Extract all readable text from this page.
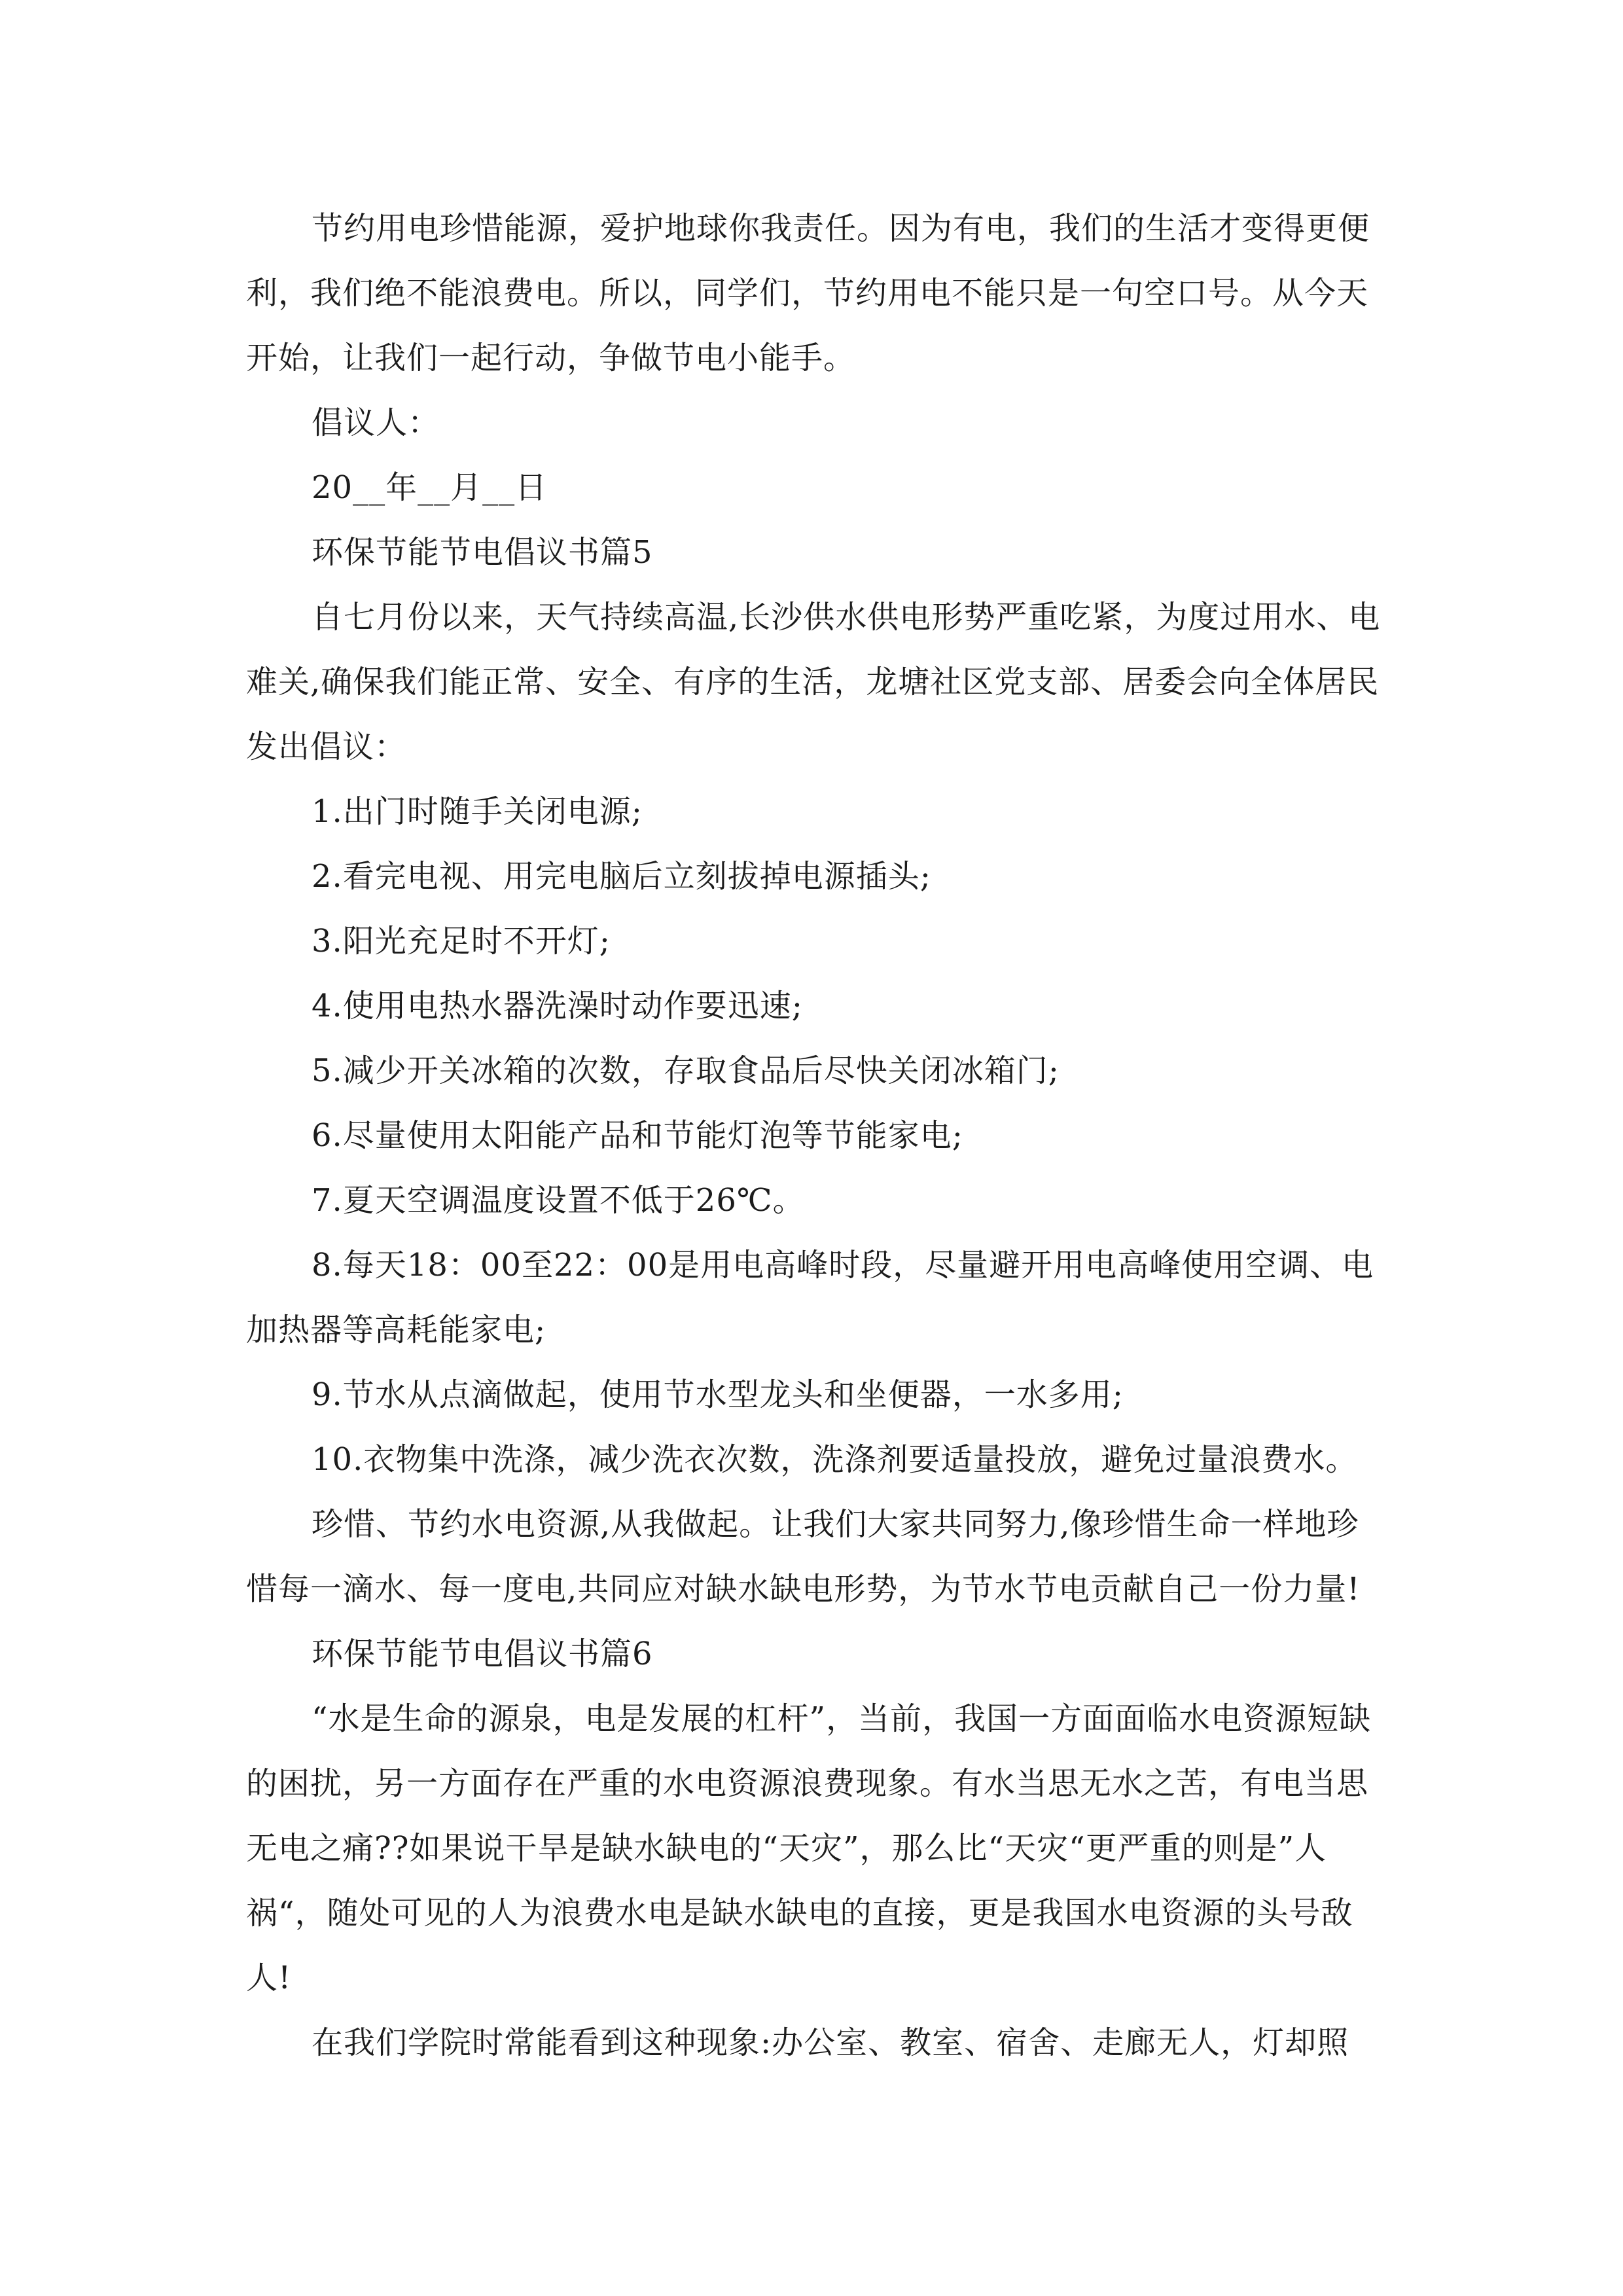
节约用电珍惜能源，爱护地球你我责任。因为有电，我们的生活才变得更便利，我们绝不能浪费电。所以，同学们，节约用电不能只是一句空口号。从今天开始，让我们一起行动，争做节电小能手。

倡议人：

20__年__月__日

环保节能节电倡议书篇5

自七月份以来，天气持续高温,长沙供水供电形势严重吃紧，为度过用水、电难关,确保我们能正常、安全、有序的生活，龙塘社区党支部、居委会向全体居民发出倡议：

1.出门时随手关闭电源;

2.看完电视、用完电脑后立刻拔掉电源插头;

3.阳光充足时不开灯;

4.使用电热水器洗澡时动作要迅速;

5.减少开关冰箱的次数，存取食品后尽快关闭冰箱门;

6.尽量使用太阳能产品和节能灯泡等节能家电;

7.夏天空调温度设置不低于26℃。

8.每天18：00至22：00是用电高峰时段，尽量避开用电高峰使用空调、电加热器等高耗能家电;

9.节水从点滴做起，使用节水型龙头和坐便器，一水多用;

10.衣物集中洗涤，减少洗衣次数，洗涤剂要适量投放，避免过量浪费水。

珍惜、节约水电资源,从我做起。让我们大家共同努力,像珍惜生命一样地珍惜每一滴水、每一度电,共同应对缺水缺电形势，为节水节电贡献自己一份力量!

环保节能节电倡议书篇6

“水是生命的源泉，电是发展的杠杆”，当前，我国一方面面临水电资源短缺的困扰，另一方面存在严重的水电资源浪费现象。有水当思无水之苦，有电当思无电之痛??如果说干旱是缺水缺电的“天灾”，那么比“天灾“更严重的则是”人祸“，随处可见的人为浪费水电是缺水缺电的直接，更是我国水电资源的头号敌人!

在我们学院时常能看到这种现象:办公室、教室、宿舍、走廊无人，灯却照
